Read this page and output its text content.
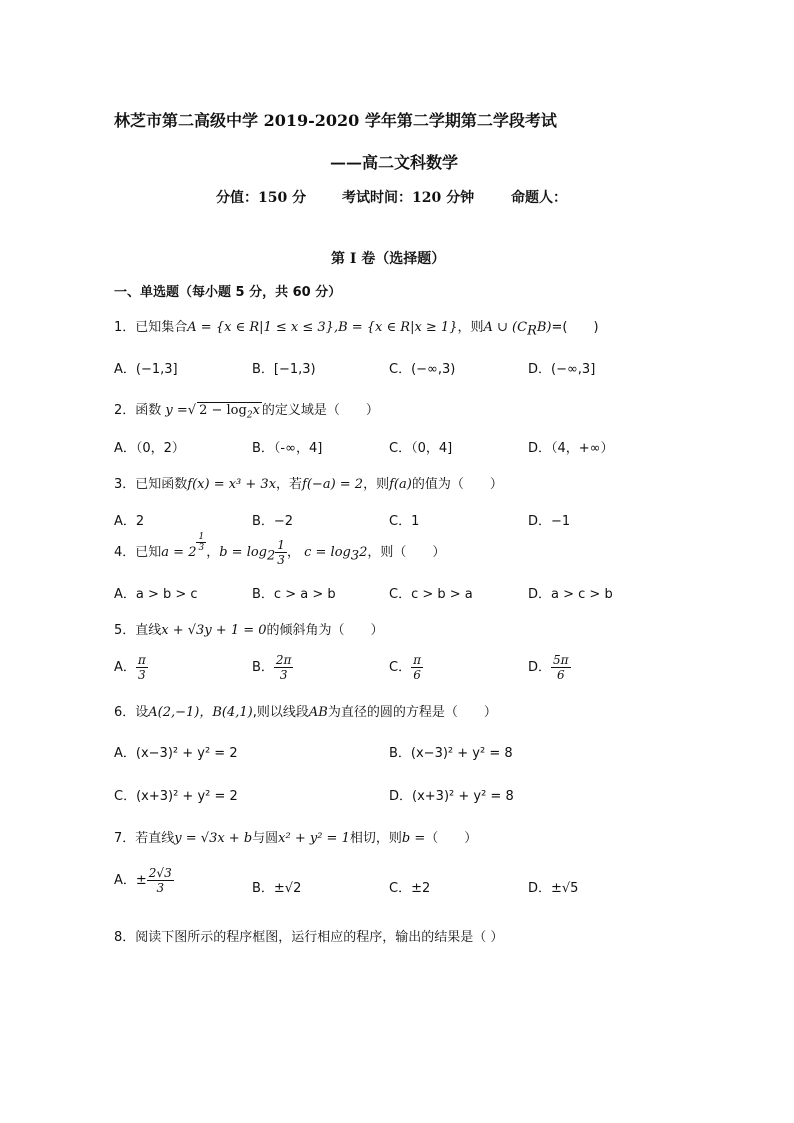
林芝市第二高级中学 2019-2020 学年第二学期第二学段考试
——高二文科数学
分值：150 分	考试时间：120 分钟	命题人：
第 I 卷（选择题）
一、单选题（每小题 5 分，共 60 分）
1．已知集合A = {x ∈ R|1 ≤ x ≤ 3},B = {x ∈ R|x ≥ 1}，则A ∪ $(C_RB)=$(　　)
A．(−1,3]	B．[−1,3)	C．(−∞,3)	D．(−∞,3]
2．函数 y =√ $2 - \log_2x$ 的定义域是（　　）
A．（0，2）	B．（-∞，4]	C．（0，4]	D．（4，+∞）
3．已知函数f(x) = x³ + 3x，若f(−a) = 2，则f(a)的值为（　　）
A．2	B．−2	C．1	D．−1
4．已知$a = 2 \frac{1}{3}$ ，$b = \log_2 \frac{1}{3}$ ， $c = \log_32$，则（　　）
A．a > b > c	B．c > a > b	C．c > b > a	D．a > c > b
5．直线x + √3y + 1 = 0的倾斜角为（　　）
A． $\frac{\pi}{3}$	B． $\frac{2\pi}{3}$	C． $\frac{\pi}{6}$	D． $\frac{5\pi}{6}$
6．设A(2,−1)，B(4,1),则以线段AB为直径的圆的方程是（　　）
A．(x−3)² + y² = 2	B．(x−3)² + y² = 8
C．(x+3)² + y² = 2	D．(x+3)² + y² = 8
7．若直线y = √3x + b与圆x² + y² = 1相切，则b =（　　）
A．± $\frac{2√3}{3}$	B．±√2	C．±2	D．±√5
8．阅读下图所示的程序框图，运行相应的程序，输出的结果是（ ）
